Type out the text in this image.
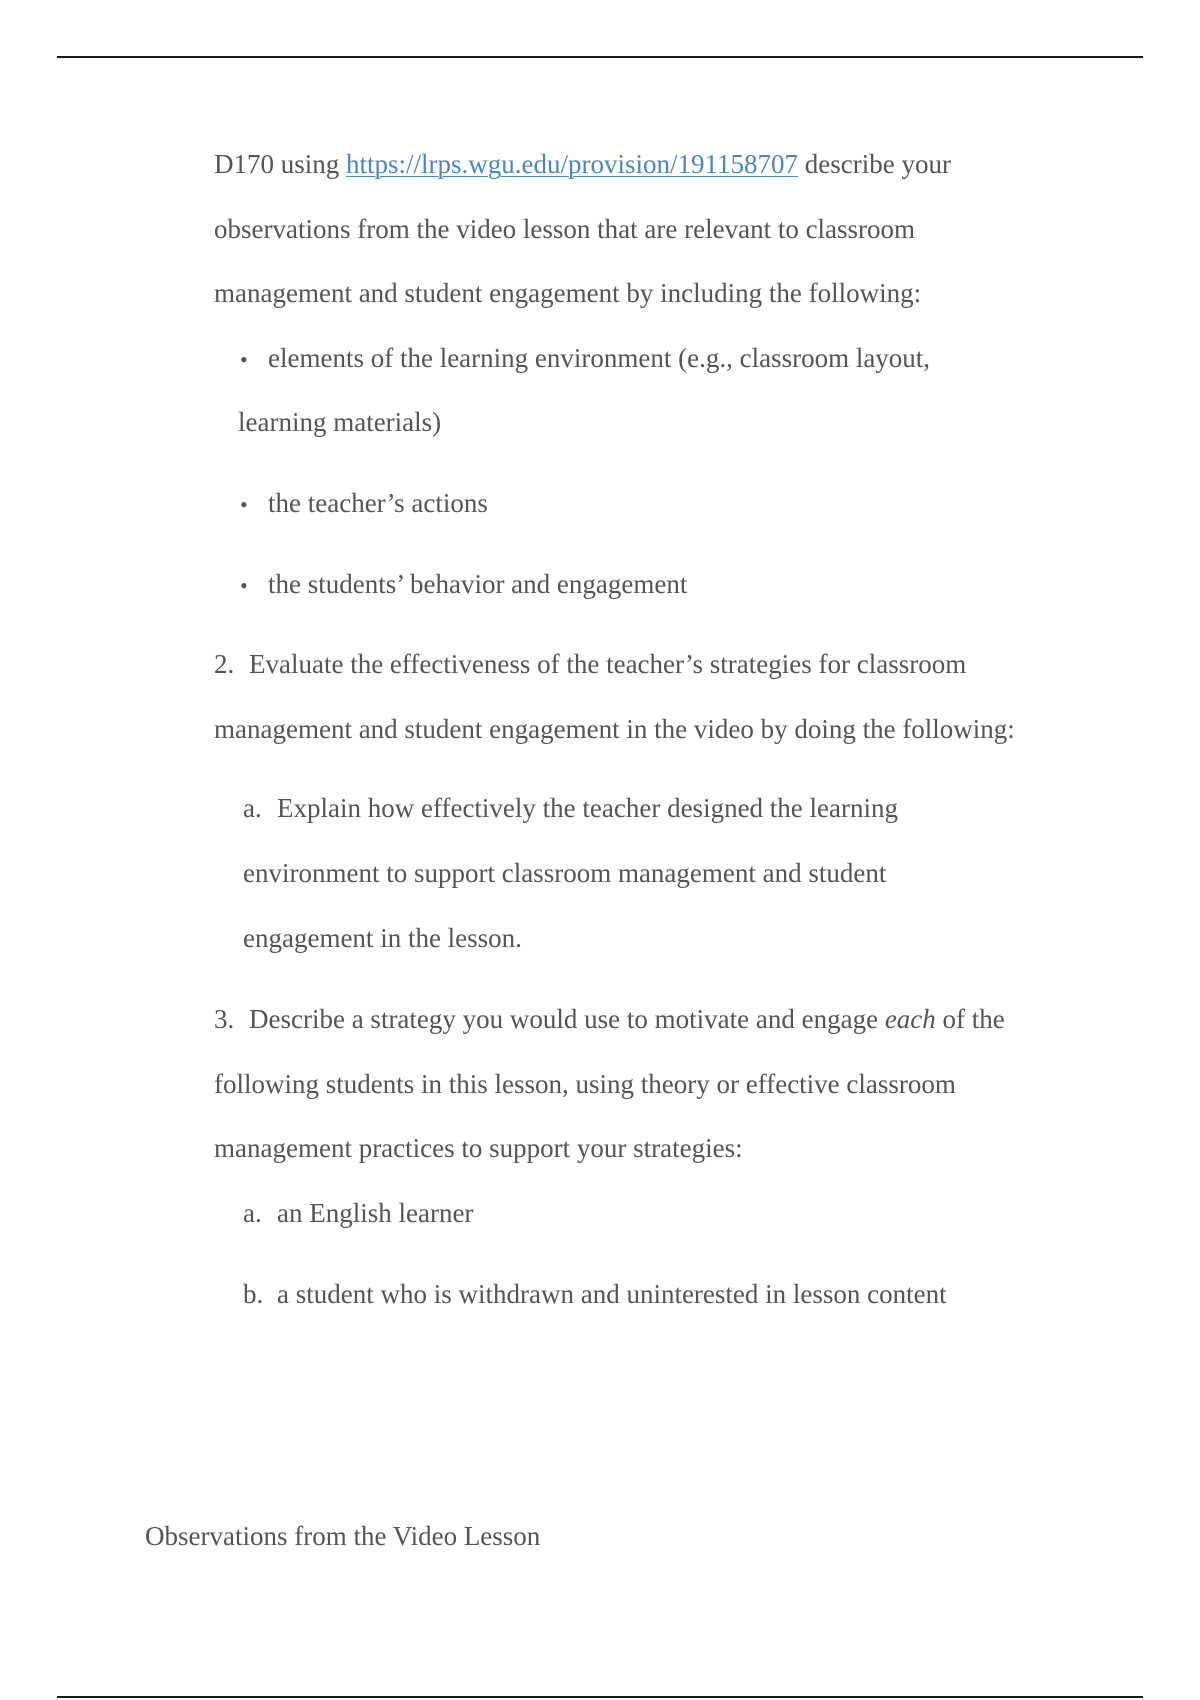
D170 using https://lrps.wgu.edu/provision/191158707 describe your
observations from the video lesson that are relevant to classroom
management and student engagement by including the following:
• elements of the learning environment (e.g., classroom layout,
learning materials)
• the teacher’s actions
• the students’ behavior and engagement
2. Evaluate the effectiveness of the teacher’s strategies for classroom
management and student engagement in the video by doing the following:
a. Explain how effectively the teacher designed the learning
environment to support classroom management and student
engagement in the lesson.
3. Describe a strategy you would use to motivate and engage each of the
following students in this lesson, using theory or effective classroom
management practices to support your strategies:
a. an English learner
b. a student who is withdrawn and uninterested in lesson content
Observations from the Video Lesson
